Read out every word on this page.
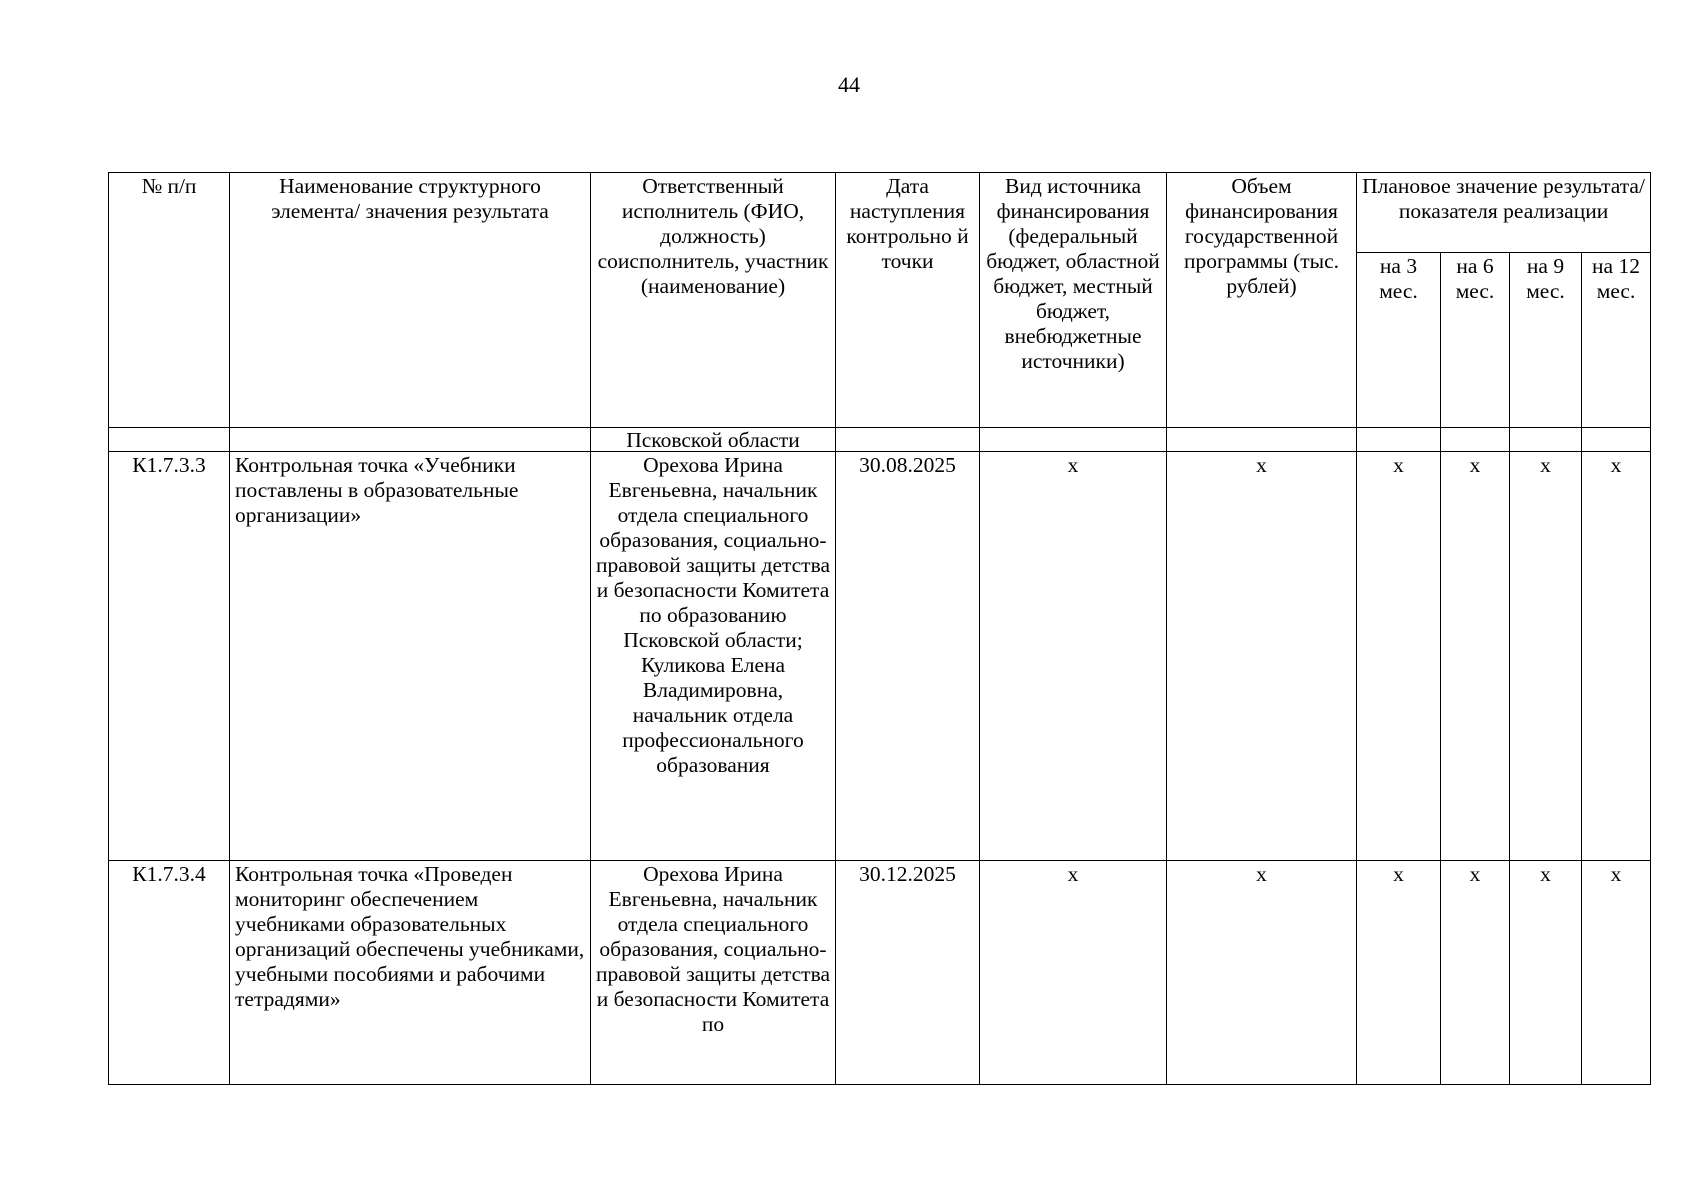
44
№ п/п	Наименование структурного элемента/ значения результата	Ответственный исполнитель (ФИО, должность) соисполнитель, участник (наименование)	Дата наступления контрольно й точки	Вид источника финансирования (федеральный бюджет, областной бюджет, местный бюджет, внебюджетные источники)	Объем финансирования государственной программы (тыс. рублей)	Плановое значение результата/показателя реализации			
						на 3 мес.	на 6 мес.	на 9 мес.	на 12 мес.
		Псковской области							
К1.7.3.3	Контрольная точка «Учебники поставлены в образовательные организации»	Орехова Ирина Евгеньевна, начальник отдела специального образования, социально-правовой защиты детства и безопасности Комитета по образованию Псковской области; Куликова Елена Владимировна, начальник отдела профессионального образования	30.08.2025	х	х	х	х	х	х
К1.7.3.4	Контрольная точка «Проведен мониторинг обеспечением учебниками образовательных организаций обеспечены учебниками, учебными пособиями и рабочими тетрадями»	Орехова Ирина Евгеньевна, начальник отдела специального образования, социально-правовой защиты детства и безопасности Комитета по	30.12.2025	х	х	х	х	х	х
